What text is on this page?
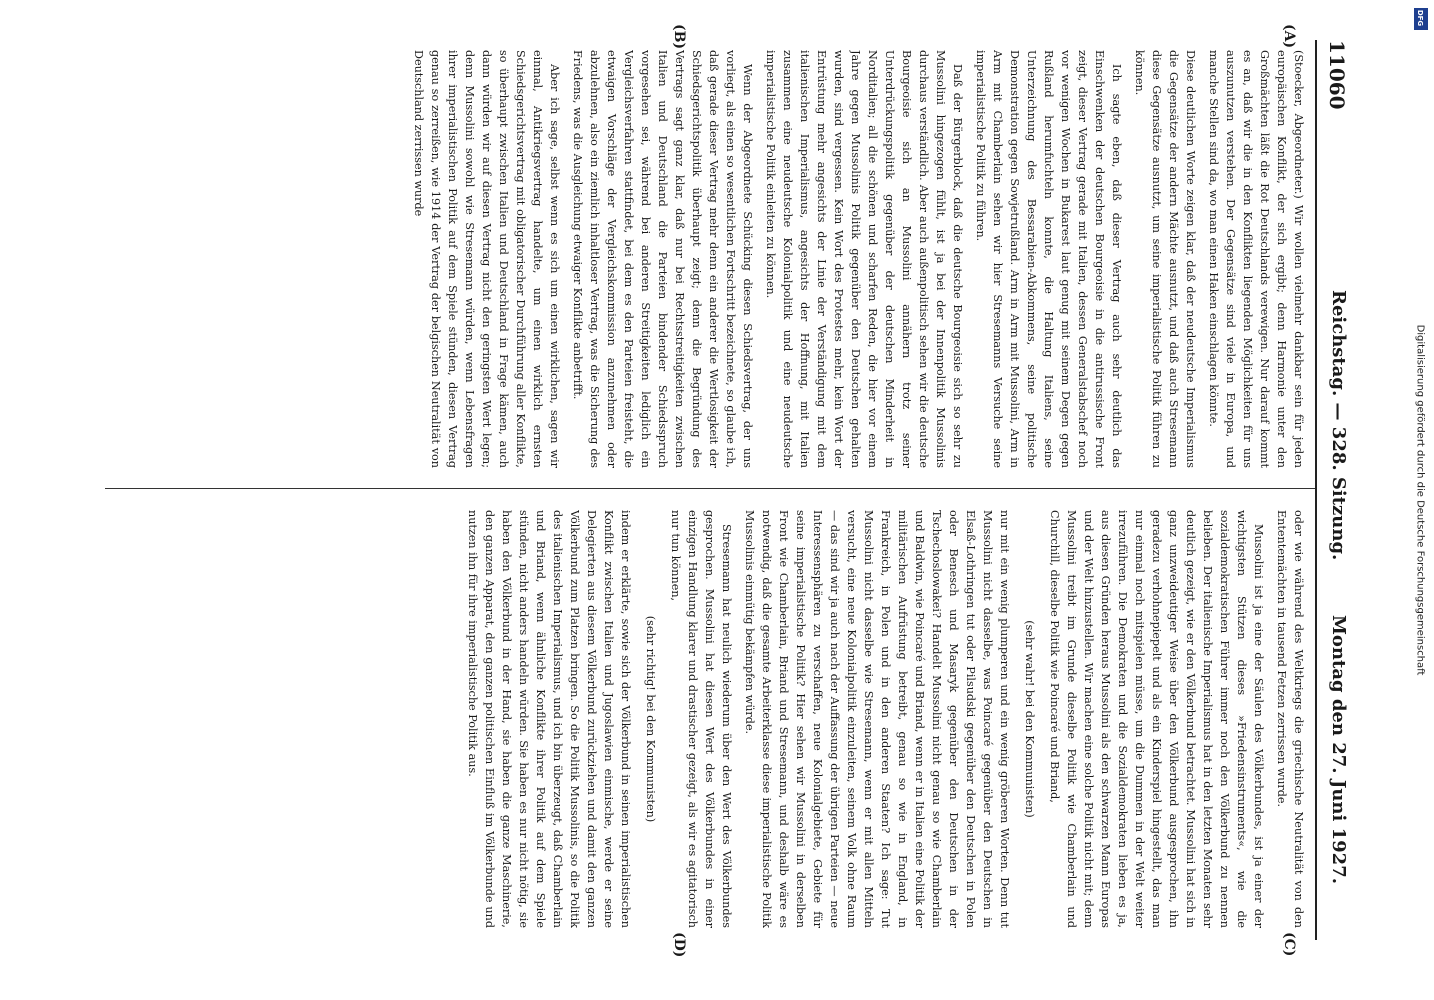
11060
Reichstag. — 328. Sitzung.
Montag den 27. Juni 1927.
(A)
(B)
(C)
(D)

(Stoecker, Abgeordneter.) Wir wollen vielmehr dankbar sein für jeden europäischen Konflikt, der sich ergibt; denn Harmonie unter den Großmächten läßt die Rot Deutschlands verewigen. Nur darauf kommt es an, daß wir die in den Konflikten liegenden Möglichkeiten für uns auszunutzen verstehen. Der Gegensätze sind viele in Europa, und manche Stellen sind da, wo man einen Haken einschlagen könnte.

Diese deutlichen Worte zeigen klar, daß der neudeutsche Imperialismus die Gegensätze der andern Mächte ausnutzt, und daß auch Stresemann diese Gegensätze ausnutzt, um seine imperialistische Politik führen zu können.

Ich sagte eben, daß dieser Vertrag auch sehr deutlich das Einschwenken der deutschen Bourgeoisie in die antirussische Front zeigt, dieser Vertrag gerade mit Italien, dessen Generalstabschef noch vor wenigen Wochen in Bukarest laut genug mit seinem Degen gegen Rußland herumfuchteln konnte, die Haltung Italiens, seine Unterzeichnung des Bessarabien-Abkommens, seine politische Demonstration gegen Sowjetrußland. Arm in Arm mit Mussolini, Arm in Arm mit Chamberlain sehen wir hier Stresemanns Versuche seine imperialistische Politik zu führen.

Daß der Bürgerblock, daß die deutsche Bourgeoisie sich so sehr zu Mussolini hingezogen fühlt, ist ja bei der Innenpolitik Mussolinis durchaus verständlich. Aber auch außenpolitisch sehen wir die deutsche Bourgeoisie sich an Mussolini annähern trotz seiner Unterdrückungspolitik gegenüber der deutschen Minderheit in Norditalien; all die schönen und scharfen Reden, die hier vor einem Jahre gegen Mussolinis Politik gegenüber den Deutschen gehalten wurden, sind vergessen. Kein Wort des Protestes mehr, kein Wort der Entrüstung mehr angesichts der Linie der Verständigung mit dem italienischen Imperialismus, angesichts der Hoffnung, mit Italien zusammen eine neudeutsche Kolonialpolitik und eine neudeutsche imperialistische Politik einleiten zu können.

Wenn der Abgeordnete Schücking diesen Schiedsvertrag, der uns vorliegt, als einen so wesentlichen Fortschritt bezeichnete, so glaube ich, daß gerade dieser Vertrag mehr denn ein anderer die Wertlosigkeit der Schiedsgerichtspolitik überhaupt zeigt; denn die Begründung des Vertrags sagt ganz klar, daß nur bei Rechtsstreitigkeiten zwischen Italien und Deutschland die Parteien bindender Schiedsspruch vorgesehen sei, während bei anderen Streitigkeiten lediglich ein Vergleichsverfahren stattfindet, bei dem es den Parteien freisteht, die etwaigen Vorschläge der Vergleichskommission anzunehmen oder abzulehnen, also ein ziemlich inhaltloser Vertrag, was die Sicherung des Friedens, was die Ausgleichung etwaiger Konflikte anbetrifft.

Aber ich sage, selbst wenn es sich um einen wirklichen, sagen wir einmal, Antikriegsvertrag handelte, um einen wirklich ernsten Schiedsgerichtsvertrag mit obligatorischer Durchführung aller Konflikte, so überhaupt zwischen Italien und Deutschland in Frage kämen, auch dann würden wir auf diesen Vertrag nicht den geringsten Wert legen; denn Mussolini sowohl wie Stresemann würden, wenn Lebensfragen ihrer imperialistischen Politik auf dem Spiele stünden, diesen Vertrag genau so zerreißen, wie 1914 der Vertrag der belgischen Neutralität von Deutschland zerrissen wurde

oder wie während des Weltkriegs die griechische Neutralität von den Ententemächten in tausend Fetzen zerrissen wurde.

Mussolini ist ja eine der Säulen des Völkerbundes, ist ja einer der wichtigsten Stützen dieses »Friedensinstruments«, wie die sozialdemokratischen Führer immer noch den Völkerbund zu nennen belieben. Der italienische Imperialismus hat in den letzten Monaten sehr deutlich gezeigt, wie er den Völkerbund betrachtet. Mussolini hat sich in ganz unzweideutiger Weise über den Völkerbund ausgesprochen, ihn geradezu verhohnepiepelt und als ein Kinderspiel hingestellt, das man nur einmal noch mitspielen müsse, um die Dummen in der Welt weiter irrezuführen. Die Demokraten und die Sozialdemokraten lieben es ja, aus diesen Gründen heraus Mussolini als den schwarzen Mann Europas und der Welt hinzustellen. Wir machen eine solche Politik nicht mit; denn Mussolini treibt im Grunde dieselbe Politik wie Chamberlain und Churchill, dieselbe Politik wie Poincaré und Briand,

(sehr wahr! bei den Kommunisten)

nur mit ein wenig plumperen und ein wenig gröberen Worten. Denn tut Mussolini nicht dasselbe, was Poincaré gegenüber den Deutschen in Elsaß-Lothringen tut oder Pilsudski gegenüber den Deutschen in Polen oder Benesch und Masaryk gegenüber den Deutschen in der Tschechoslowakei? Handelt Mussolini nicht genau so wie Chamberlain und Baldwin, wie Poincaré und Briand, wenn er in Italien eine Politik der militärischen Aufrüstung betreibt, genau so wie in England, in Frankreich, in Polen und in den anderen Staaten? Ich sage: Tut Mussolini nicht dasselbe wie Stresemann, wenn er mit allen Mitteln versucht, eine neue Kolonialpolitik einzuleiten, seinem Volk ohne Raum — das sind wir ja auch nach der Auffassung der übrigen Parteien — neue Interessensphären zu verschaffen, neue Kolonialgebiete, Gebiete für seine imperialistische Politik? Hier sehen wir Mussolini in derselben Front wie Chamberlain, Briand und Stresemann, und deshalb wäre es notwendig, daß die gesamte Arbeiterklasse diese imperialistische Politik Mussolinis einmütig bekämpfen würde.

Stresemann hat neulich wiederum über den Wert des Völkerbundes gesprochen. Mussolini hat diesen Wert des Völkerbundes in einer einzigen Handlung klarer und drastischer gezeigt, als wir es agitatorisch nur tun können,

(sehr richtig! bei den Kommunisten)

indem er erklärte, sowie sich der Völkerbund in seinen imperialistischen Konflikt zwischen Italien und Jugoslawien einmische, werde er seine Delegierten aus diesem Völkerbund zurückziehen und damit den ganzen Völkerbund zum Platzen bringen. So die Politik Mussolinis, so die Politik des italienischen Imperialismus, und ich bin überzeugt, daß Chamberlain und Briand, wenn ähnliche Konflikte ihrer Politik auf dem Spiele stünden, nicht anders handeln würden. Sie haben es nur nicht nötig, sie haben den Völkerbund in der Hand, sie haben die ganze Maschinerie, den ganzen Apparat, den ganzen politischen Einfluß im Völkerbunde und nutzen ihn für ihre imperialistische Politik aus.

DFG
Digitalisierung gefördert durch die Deutsche Forschungsgemeinschaft
